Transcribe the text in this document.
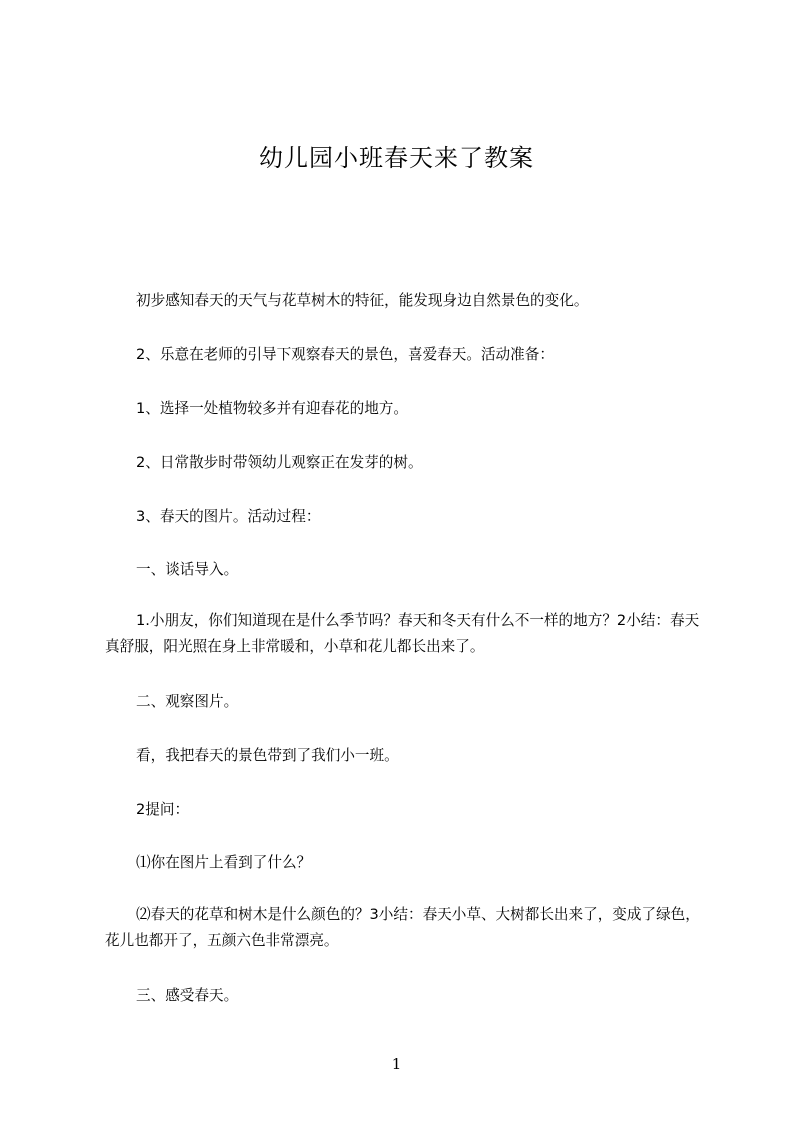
幼儿园小班春天来了教案

初步感知春天的天气与花草树木的特征，能发现身边自然景色的变化。

2、乐意在老师的引导下观察春天的景色，喜爱春天。活动准备：

1、选择一处植物较多并有迎春花的地方。

2、日常散步时带领幼儿观察正在发芽的树。

3、春天的图片。活动过程：

一、谈话导入。

1.小朋友，你们知道现在是什么季节吗？春天和冬天有什么不一样的地方？2小结：春天真舒服，阳光照在身上非常暖和，小草和花儿都长出来了。

二、观察图片。

看，我把春天的景色带到了我们小一班。

2提问：

⑴你在图片上看到了什么？

⑵春天的花草和树木是什么颜色的？3小结：春天小草、大树都长出来了，变成了绿色，花儿也都开了，五颜六色非常漂亮。

三、感受春天。

1
